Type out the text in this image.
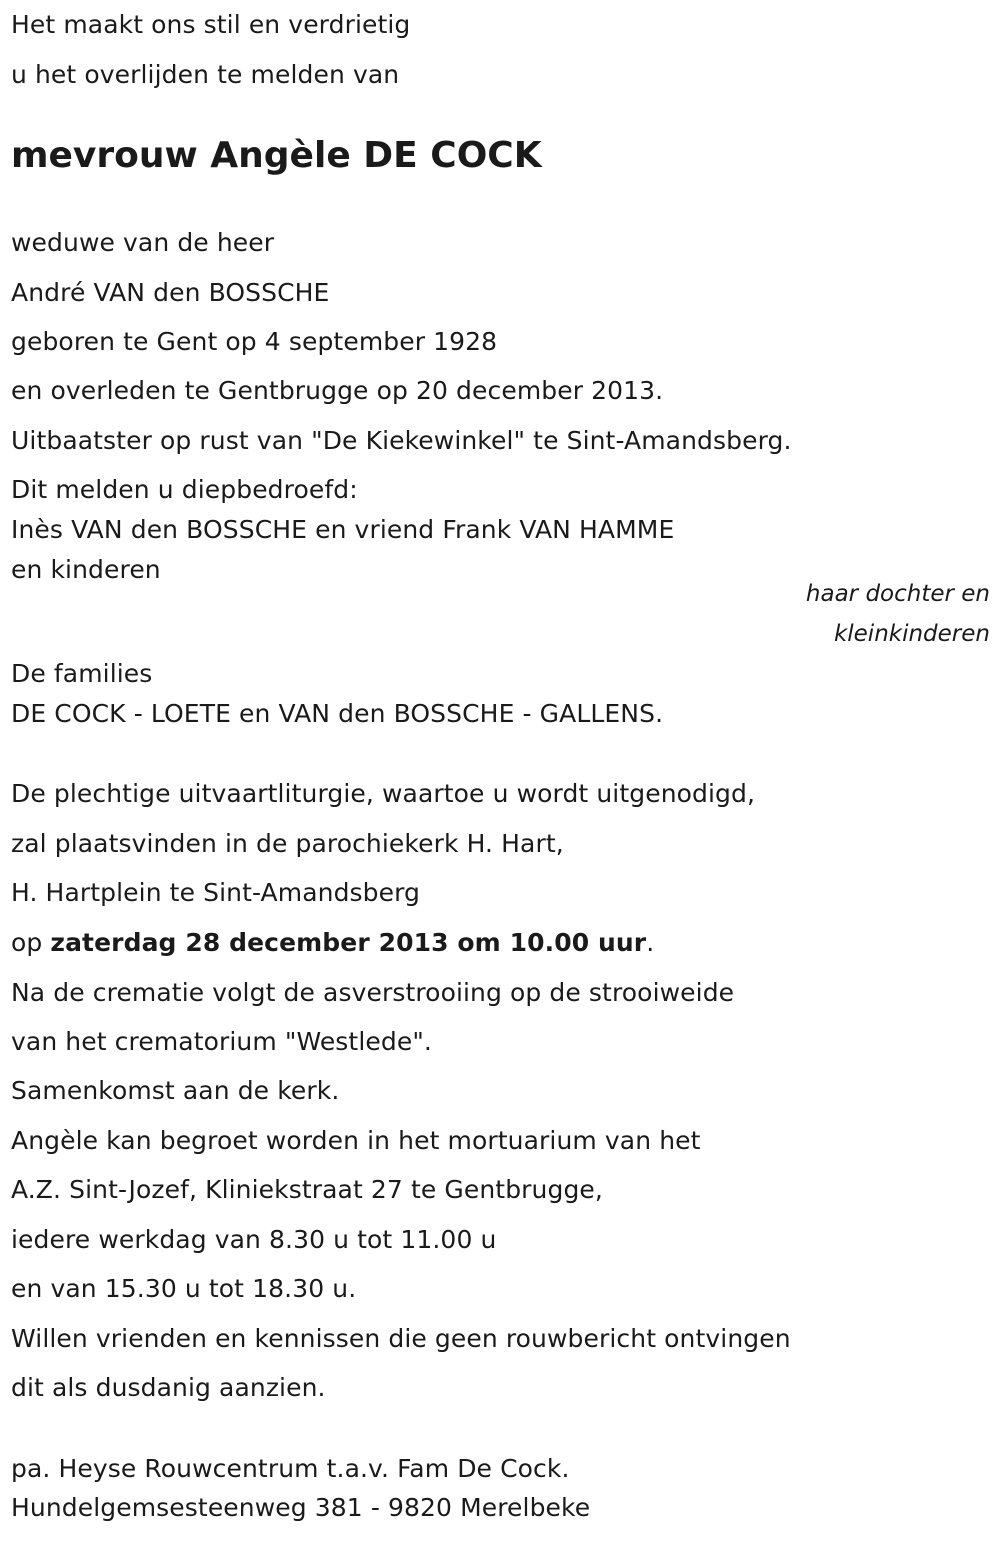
Het maakt ons stil en verdrietig
u het overlijden te melden van
mevrouw Angèle DE COCK
weduwe van de heer
André VAN den BOSSCHE
geboren te Gent op 4 september 1928
en overleden te Gentbrugge op 20 december 2013.
Uitbaatster op rust van "De Kiekewinkel" te Sint-Amandsberg.
Dit melden u diepbedroefd:
Inès VAN den BOSSCHE en vriend Frank VAN HAMME
en kinderen
haar dochter en
kleinkinderen
De families
DE COCK - LOETE en VAN den BOSSCHE - GALLENS.
De plechtige uitvaartliturgie, waartoe u wordt uitgenodigd,
zal plaatsvinden in de parochiekerk H. Hart,
H. Hartplein te Sint-Amandsberg
op zaterdag 28 december 2013 om 10.00 uur.
Na de crematie volgt de asverstrooiing op de strooiweide
van het crematorium "Westlede".
Samenkomst aan de kerk.
Angèle kan begroet worden in het mortuarium van het
A.Z. Sint-Jozef, Kliniekstraat 27 te Gentbrugge,
iedere werkdag van 8.30 u tot 11.00 u
en van 15.30 u tot 18.30 u.
Willen vrienden en kennissen die geen rouwbericht ontvingen
dit als dusdanig aanzien.
pa. Heyse Rouwcentrum t.a.v. Fam De Cock.
Hundelgemsesteenweg 381 - 9820 Merelbeke
